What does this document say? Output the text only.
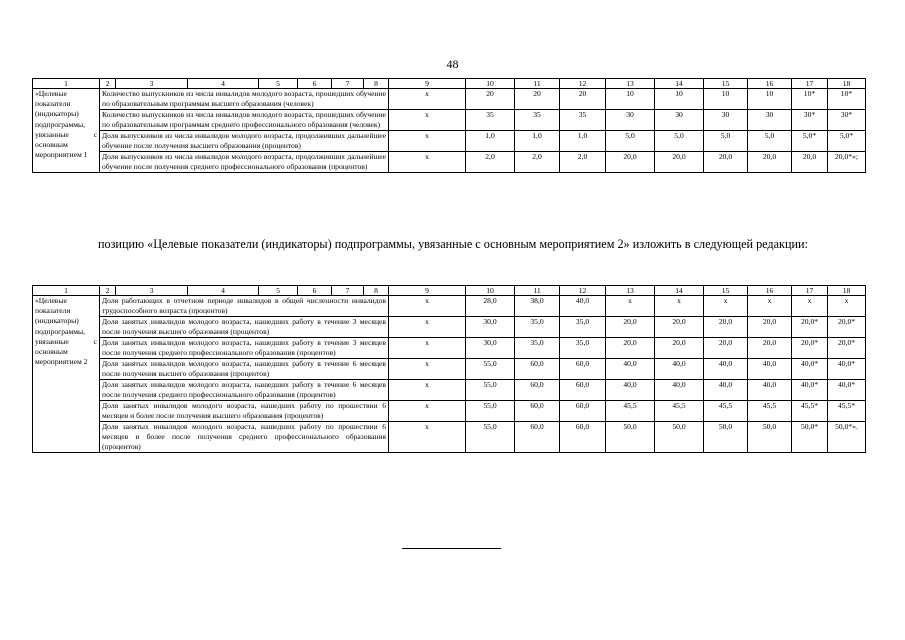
48
1	2	3	4	5	6	7	8	9	10	11	12	13	14	15	16	17	18
«Целевые показатели (индикаторы) подпрограммы, увязанные с основным мероприятием 1	Количество выпускников из числа инвалидов молодого возраста, прошедших обучение по образовательным программам высшего образования (человек)							х	20	20	20	10	10	10	10	10*	10*
	Количество выпускников из числа инвалидов молодого возраста, прошедших обучение по образовательным программам среднего профессионального образования (человек)							х	35	35	35	30	30	30	30	30*	30*
	Доля выпускников из числа инвалидов молодого возраста, продолживших дальнейшее обучение после получения высшего образования (процентов)							х	1,0	1,0	1,0	5,0	5,0	5,0	5,0	5,0*	5,0*
	Доля выпускников из числа инвалидов молодого возраста, продолживших дальнейшее обучение после получения среднего профессионального образования (процентов)							х	2,0	2,0	2,0	20,0	20,0	20,0	20,0	20,0	20,0*»;
позицию «Целевые показатели (индикаторы) подпрограммы, увязанные с основным мероприятием 2» изложить в следующей редакции:
1	2	3	4	5	6	7	8	9	10	11	12	13	14	15	16	17	18
«Целевые показатели (индикаторы) подпрограммы, увязанные с основным мероприятием 2	Доля работающих в отчетном периоде инвалидов в общей численности инвалидов трудоспособного возраста (процентов)							х	28,0	38,0	40,0	х	х	х	х	х	х
	Доля занятых инвалидов молодого возраста, нашедших работу в течение 3 месяцев после получения высшего образования (процентов)							х	30,0	35,0	35,0	20,0	20,0	20,0	20,0	20,0*	20,0*
	Доля занятых инвалидов молодого возраста, нашедших работу в течение 3 месяцев после получения среднего профессионального образования (процентов)							х	30,0	35,0	35,0	20,0	20,0	20,0	20,0	20,0*	20,0*
	Доля занятых инвалидов молодого возраста, нашедших работу в течение 6 месяцев после получения высшего образования (процентов)							х	55,0	60,0	60,0	40,0	40,0	40,0	40,0	40,0*	40,0*
	Доля занятых инвалидов молодого возраста, нашедших работу в течение 6 месяцев после получения среднего профессионального образования (процентов)							х	55,0	60,0	60,0	40,0	40,0	40,0	40,0	40,0*	40,0*
	Доля занятых инвалидов молодого возраста, нашедших работу по прошествии 6 месяцев и более после получения высшего образования (процентов)							х	55,0	60,0	60,0	45,5	45,5	45,5	45,5	45,5*	45,5*
	Доля занятых инвалидов молодого возраста, нашедших работу по прошествии 6 месяцев и более после получения среднего профессионального образования (процентов)							х	55,0	60,0	60,0	50,0	50,0	50,0	50,0	50,0*	50,0*».
